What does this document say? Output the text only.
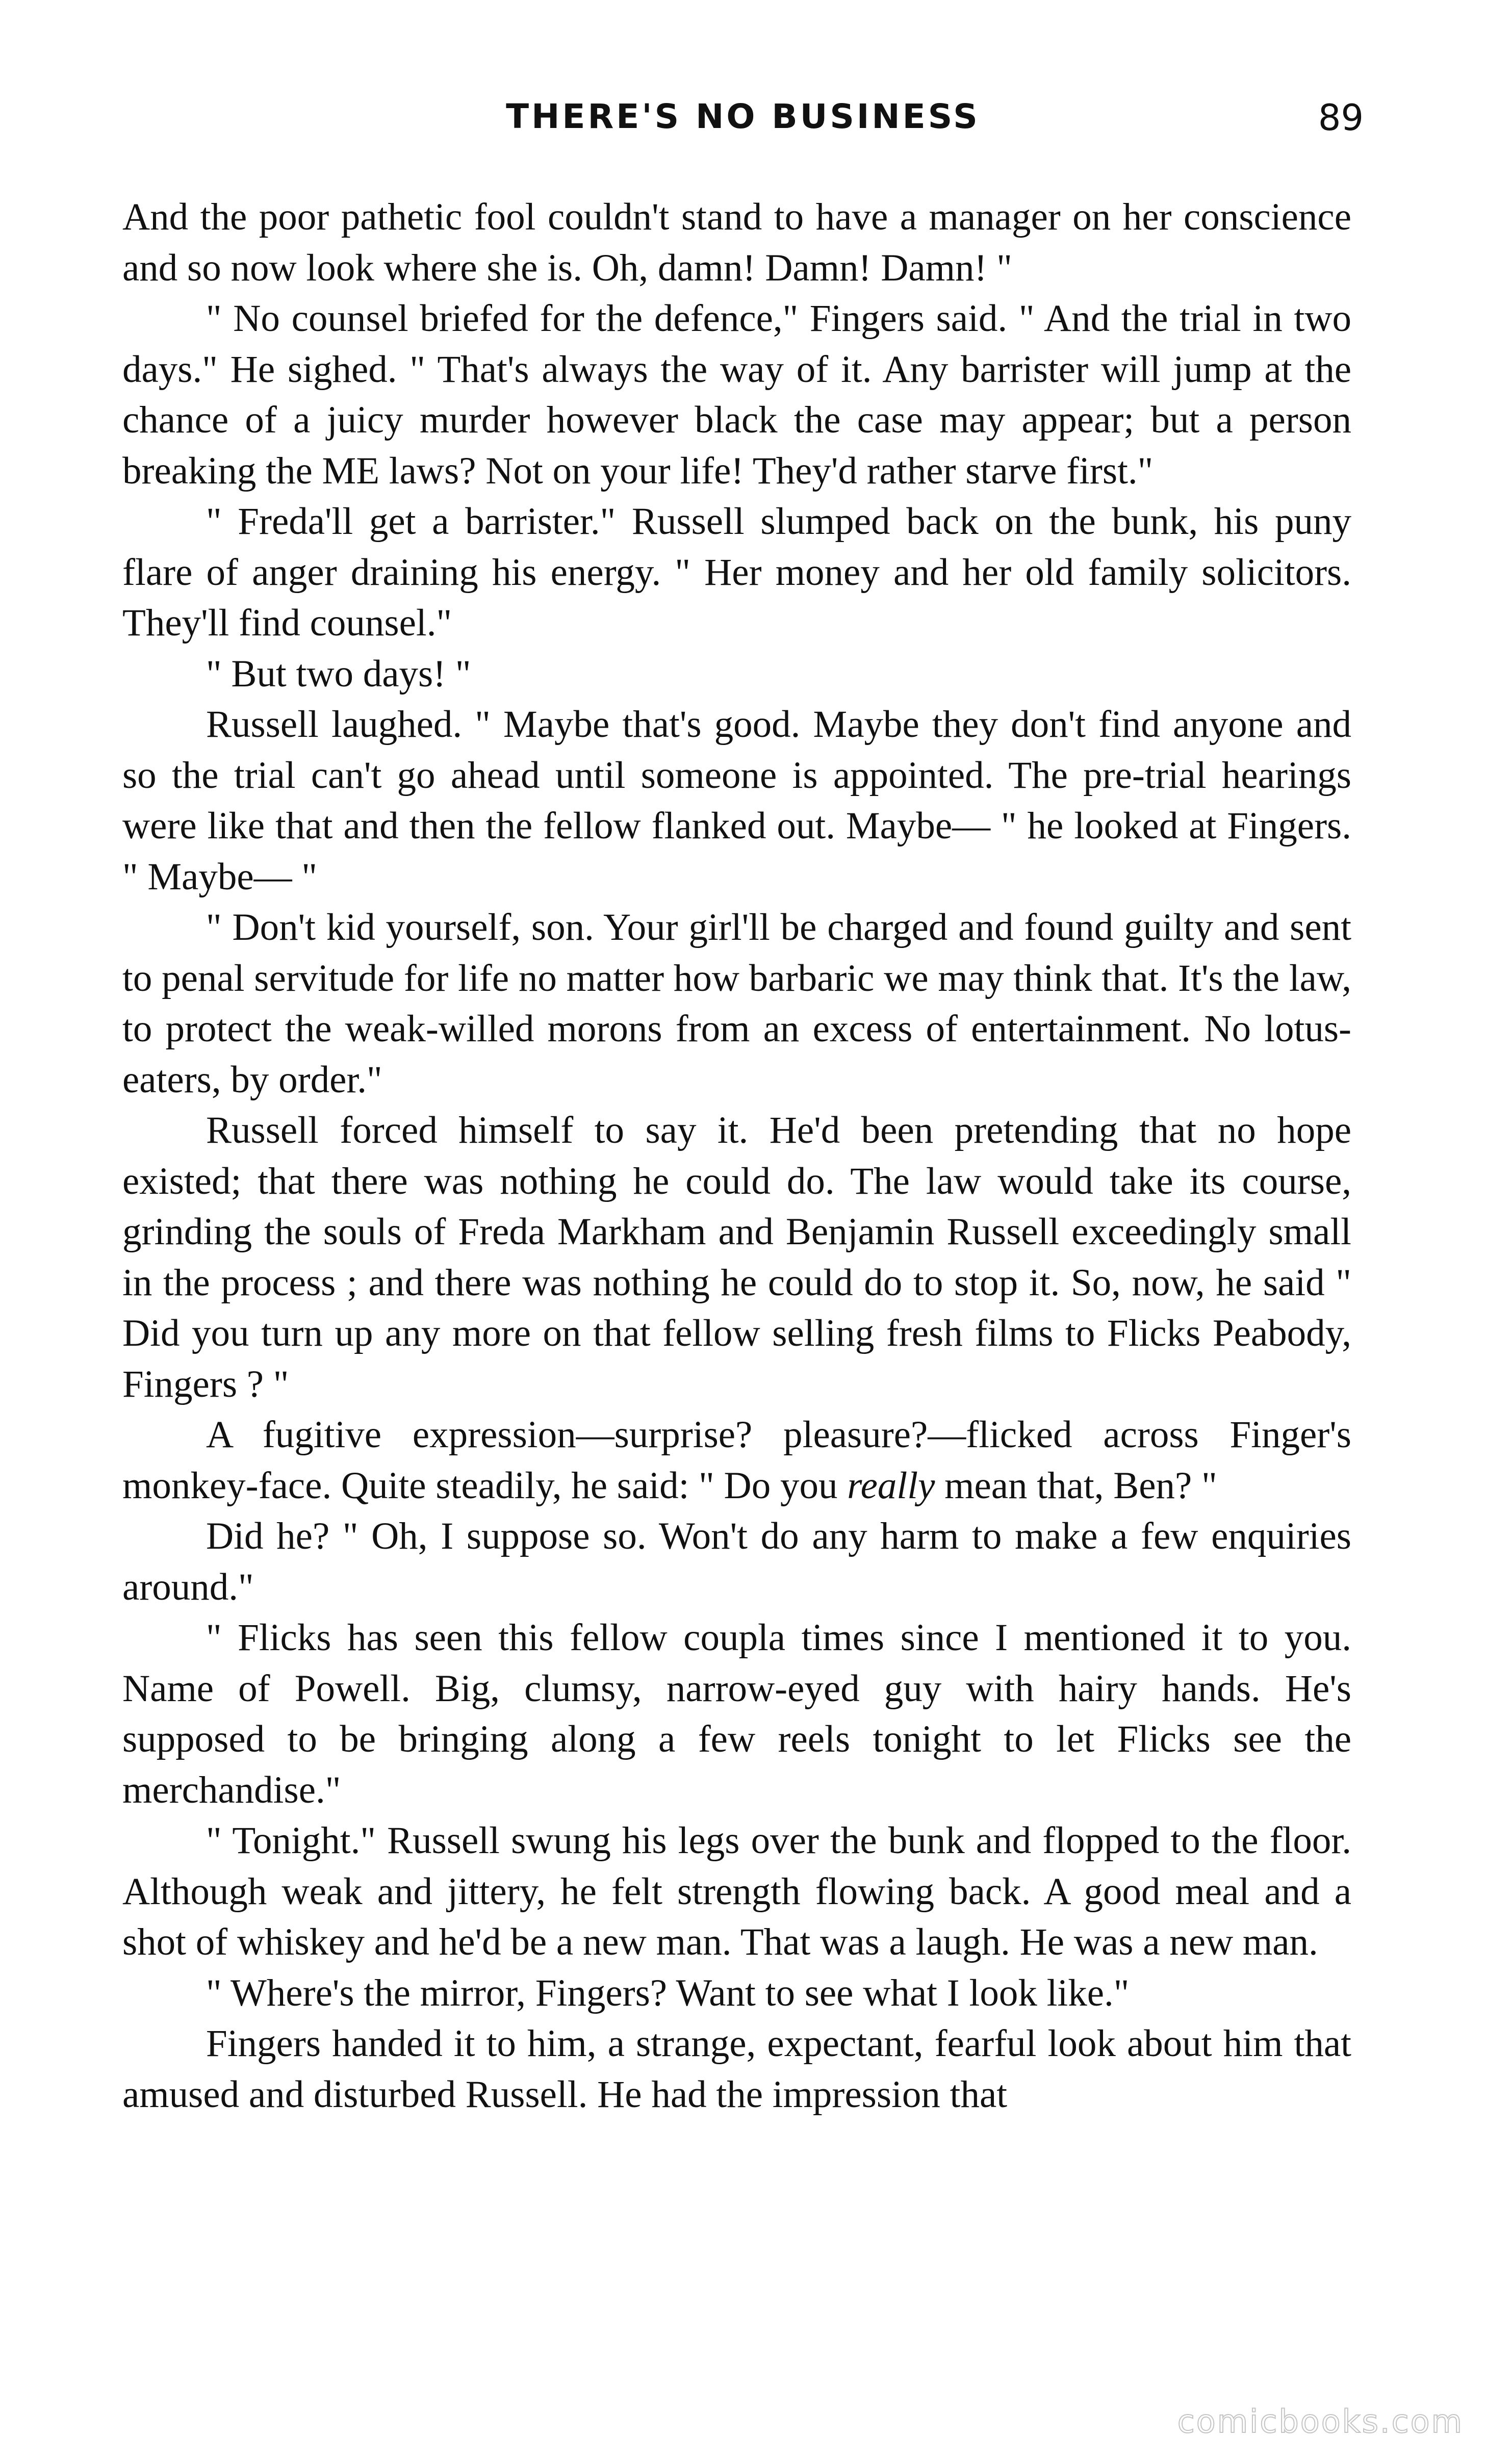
THERE'S NO BUSINESS	89

And the poor pathetic fool couldn't stand to have a manager on her conscience and so now look where she is. Oh, damn! Damn! Damn! "

" No counsel briefed for the defence," Fingers said. " And the trial in two days." He sighed. " That's always the way of it. Any barrister will jump at the chance of a juicy murder however black the case may appear; but a person breaking the ME laws? Not on your life! They'd rather starve first."

" Freda'll get a barrister." Russell slumped back on the bunk, his puny flare of anger draining his energy. " Her money and her old family solicitors. They'll find counsel."

" But two days! "

Russell laughed. " Maybe that's good. Maybe they don't find anyone and so the trial can't go ahead until someone is appointed. The pre-trial hearings were like that and then the fellow flanked out. Maybe— " he looked at Fingers. " Maybe— "

" Don't kid yourself, son. Your girl'll be charged and found guilty and sent to penal servitude for life no matter how barbaric we may think that. It's the law, to protect the weak-willed morons from an excess of entertainment. No lotus-eaters, by order."

Russell forced himself to say it. He'd been pretending that no hope existed; that there was nothing he could do. The law would take its course, grinding the souls of Freda Markham and Benjamin Russell exceedingly small in the process ; and there was nothing he could do to stop it. So, now, he said " Did you turn up any more on that fellow selling fresh films to Flicks Peabody, Fingers ? "

A fugitive expression—surprise? pleasure?—flicked across Finger's monkey-face. Quite steadily, he said: " Do you really mean that, Ben? "

Did he? " Oh, I suppose so. Won't do any harm to make a few enquiries around."

" Flicks has seen this fellow coupla times since I mentioned it to you. Name of Powell. Big, clumsy, narrow-eyed guy with hairy hands. He's supposed to be bringing along a few reels tonight to let Flicks see the merchandise."

" Tonight." Russell swung his legs over the bunk and flopped to the floor. Although weak and jittery, he felt strength flowing back. A good meal and a shot of whiskey and he'd be a new man. That was a laugh. He was a new man.

" Where's the mirror, Fingers? Want to see what I look like."

Fingers handed it to him, a strange, expectant, fearful look about him that amused and disturbed Russell. He had the impression that

comicbooks.com
